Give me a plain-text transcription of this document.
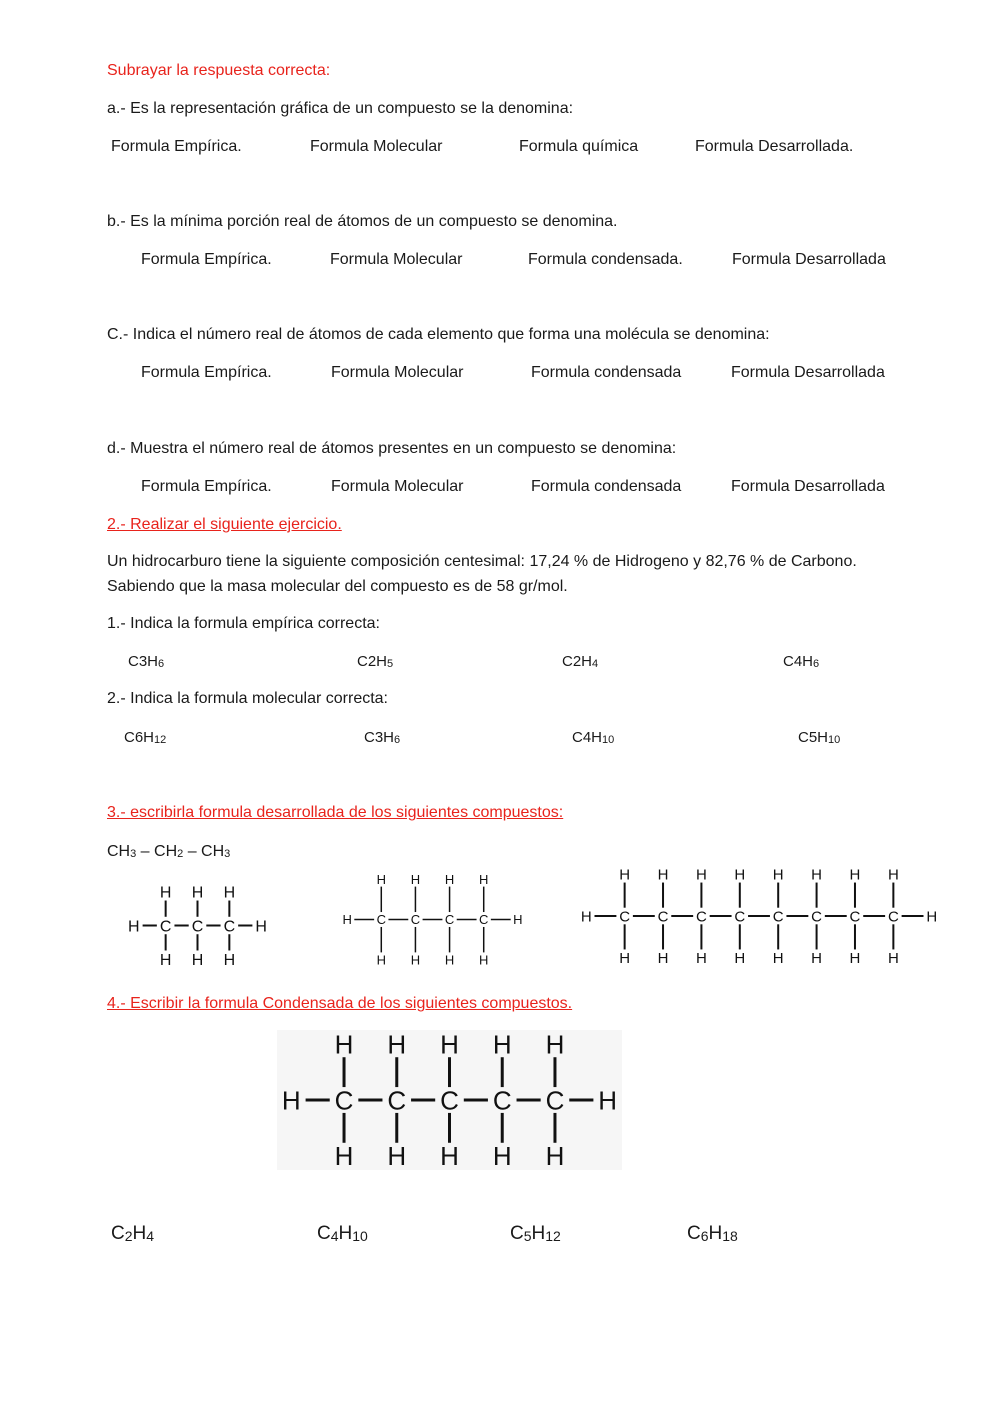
Subrayar la respuesta correcta:
a.- Es la representación gráfica de un compuesto se la denomina:
Formula Empírica.	Formula Molecular	Formula química	Formula Desarrollada.
b.- Es la mínima porción real de átomos de un compuesto se denomina.
Formula Empírica.	Formula Molecular	Formula condensada.	Formula Desarrollada
C.- Indica el número real de átomos de cada elemento que forma una molécula se denomina:
Formula Empírica.	Formula Molecular	Formula condensada	Formula Desarrollada
d.- Muestra el número real de átomos presentes en un compuesto se denomina:
Formula Empírica.	Formula Molecular	Formula condensada	Formula Desarrollada
2.- Realizar el siguiente ejercicio.
Un hidrocarburo tiene la siguiente composición centesimal: 17,24 % de Hidrogeno y 82,76 % de Carbono.
Sabiendo que la masa molecular del compuesto es de 58 gr/mol.
1.- Indica la formula empírica correcta:
$C3H_6$	$C2H_5$	$C2H_4$	$C4H_6$
2.- Indica la formula molecular correcta:
$C6H_{12}$	$C3H_6$	$C4H_{10}$	$C5H_{10}$
3.- escribirla formula desarrollada de los siguientes compuestos:
$CH_3 - CH_2 - CH_3$
H	H
C
H
H
C
H
H
C
H
H
H	H
C
H
H
C
H
H
C
H
H
C
H
H
H	H
C
H
H
C
H
H
C
H
H
C
H
H
C
H
H
C
H
H
C
H
H
C
H
H
4.- Escribir la formula Condensada de los siguientes compuestos.
H	H
C
H
H
C
H
H
C
H
H
C
H
H
C
H
H
$C_2H_4$	$C_4H_{10}$	$C_5H_{12}$	$C_6H_{18}$
